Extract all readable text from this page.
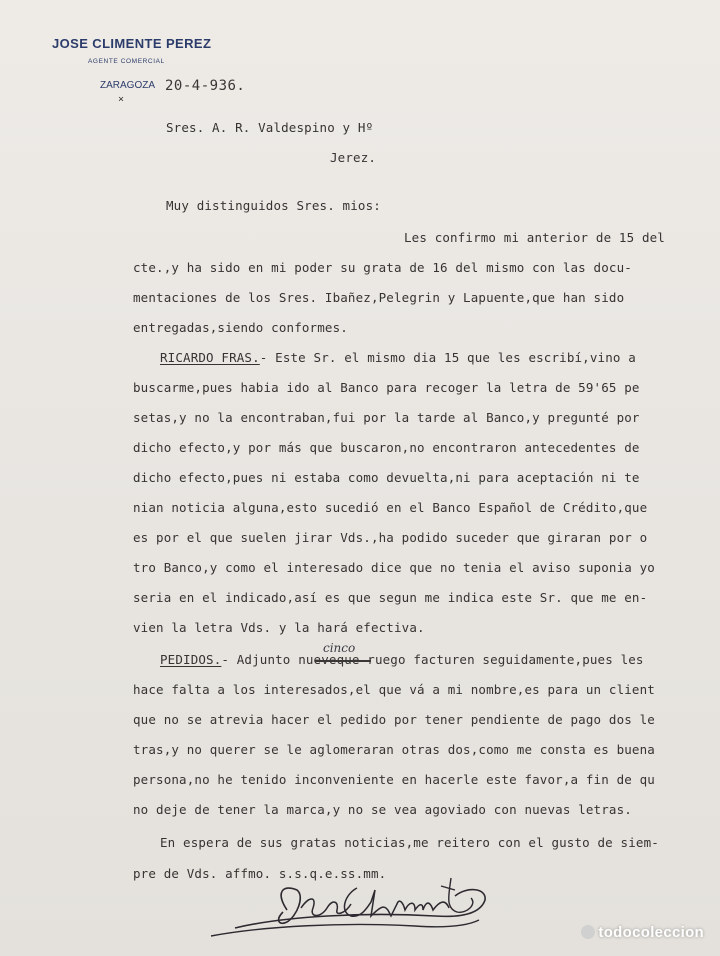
JOSE CLIMENTE PEREZ
AGENTE COMERCIAL
ZARAGOZA 20-4-936.
×
Sres. A. R. Valdespino y Hº
Jerez.
Muy distinguidos Sres. mios:
Les confirmo mi anterior de 15 del
cte.,y ha sido en mi poder su grata de 16 del mismo con las docu-
mentaciones de los Sres. Ibañez,Pelegrin y Lapuente,que han sido
entregadas,siendo conformes.
RICARDO FRAS.- Este Sr. el mismo dia 15 que les escribí,vino a
buscarme,pues habia ido al Banco para recoger la letra de 59'65 pe
setas,y no la encontraban,fui por la tarde al Banco,y pregunté por
dicho efecto,y por más que buscaron,no encontraron antecedentes de
dicho efecto,pues ni estaba como devuelta,ni para aceptación ni te
nian noticia alguna,esto sucedió en el Banco Español de Crédito,que
es por el que suelen jirar Vds.,ha podido suceder que giraran por o
tro Banco,y como el interesado dice que no tenia el aviso suponia yo
seria en el indicado,así es que segun me indica este Sr. que me en-
vien la letra Vds. y la hará efectiva.
PEDIDOS.- Adjunto nueveque ruego facturen seguidamente,pues les
cinco
hace falta a los interesados,el que vá a mi nombre,es para un client
que no se atrevia hacer el pedido por tener pendiente de pago dos le
tras,y no querer se le aglomeraran otras dos,como me consta es buena
persona,no he tenido inconveniente en hacerle este favor,a fin de qu
no deje de tener la marca,y no se vea agoviado con nuevas letras.
En espera de sus gratas noticias,me reitero con el gusto de siem-
pre de Vds. affmo. s.s.q.e.ss.mm.
todocoleccion
